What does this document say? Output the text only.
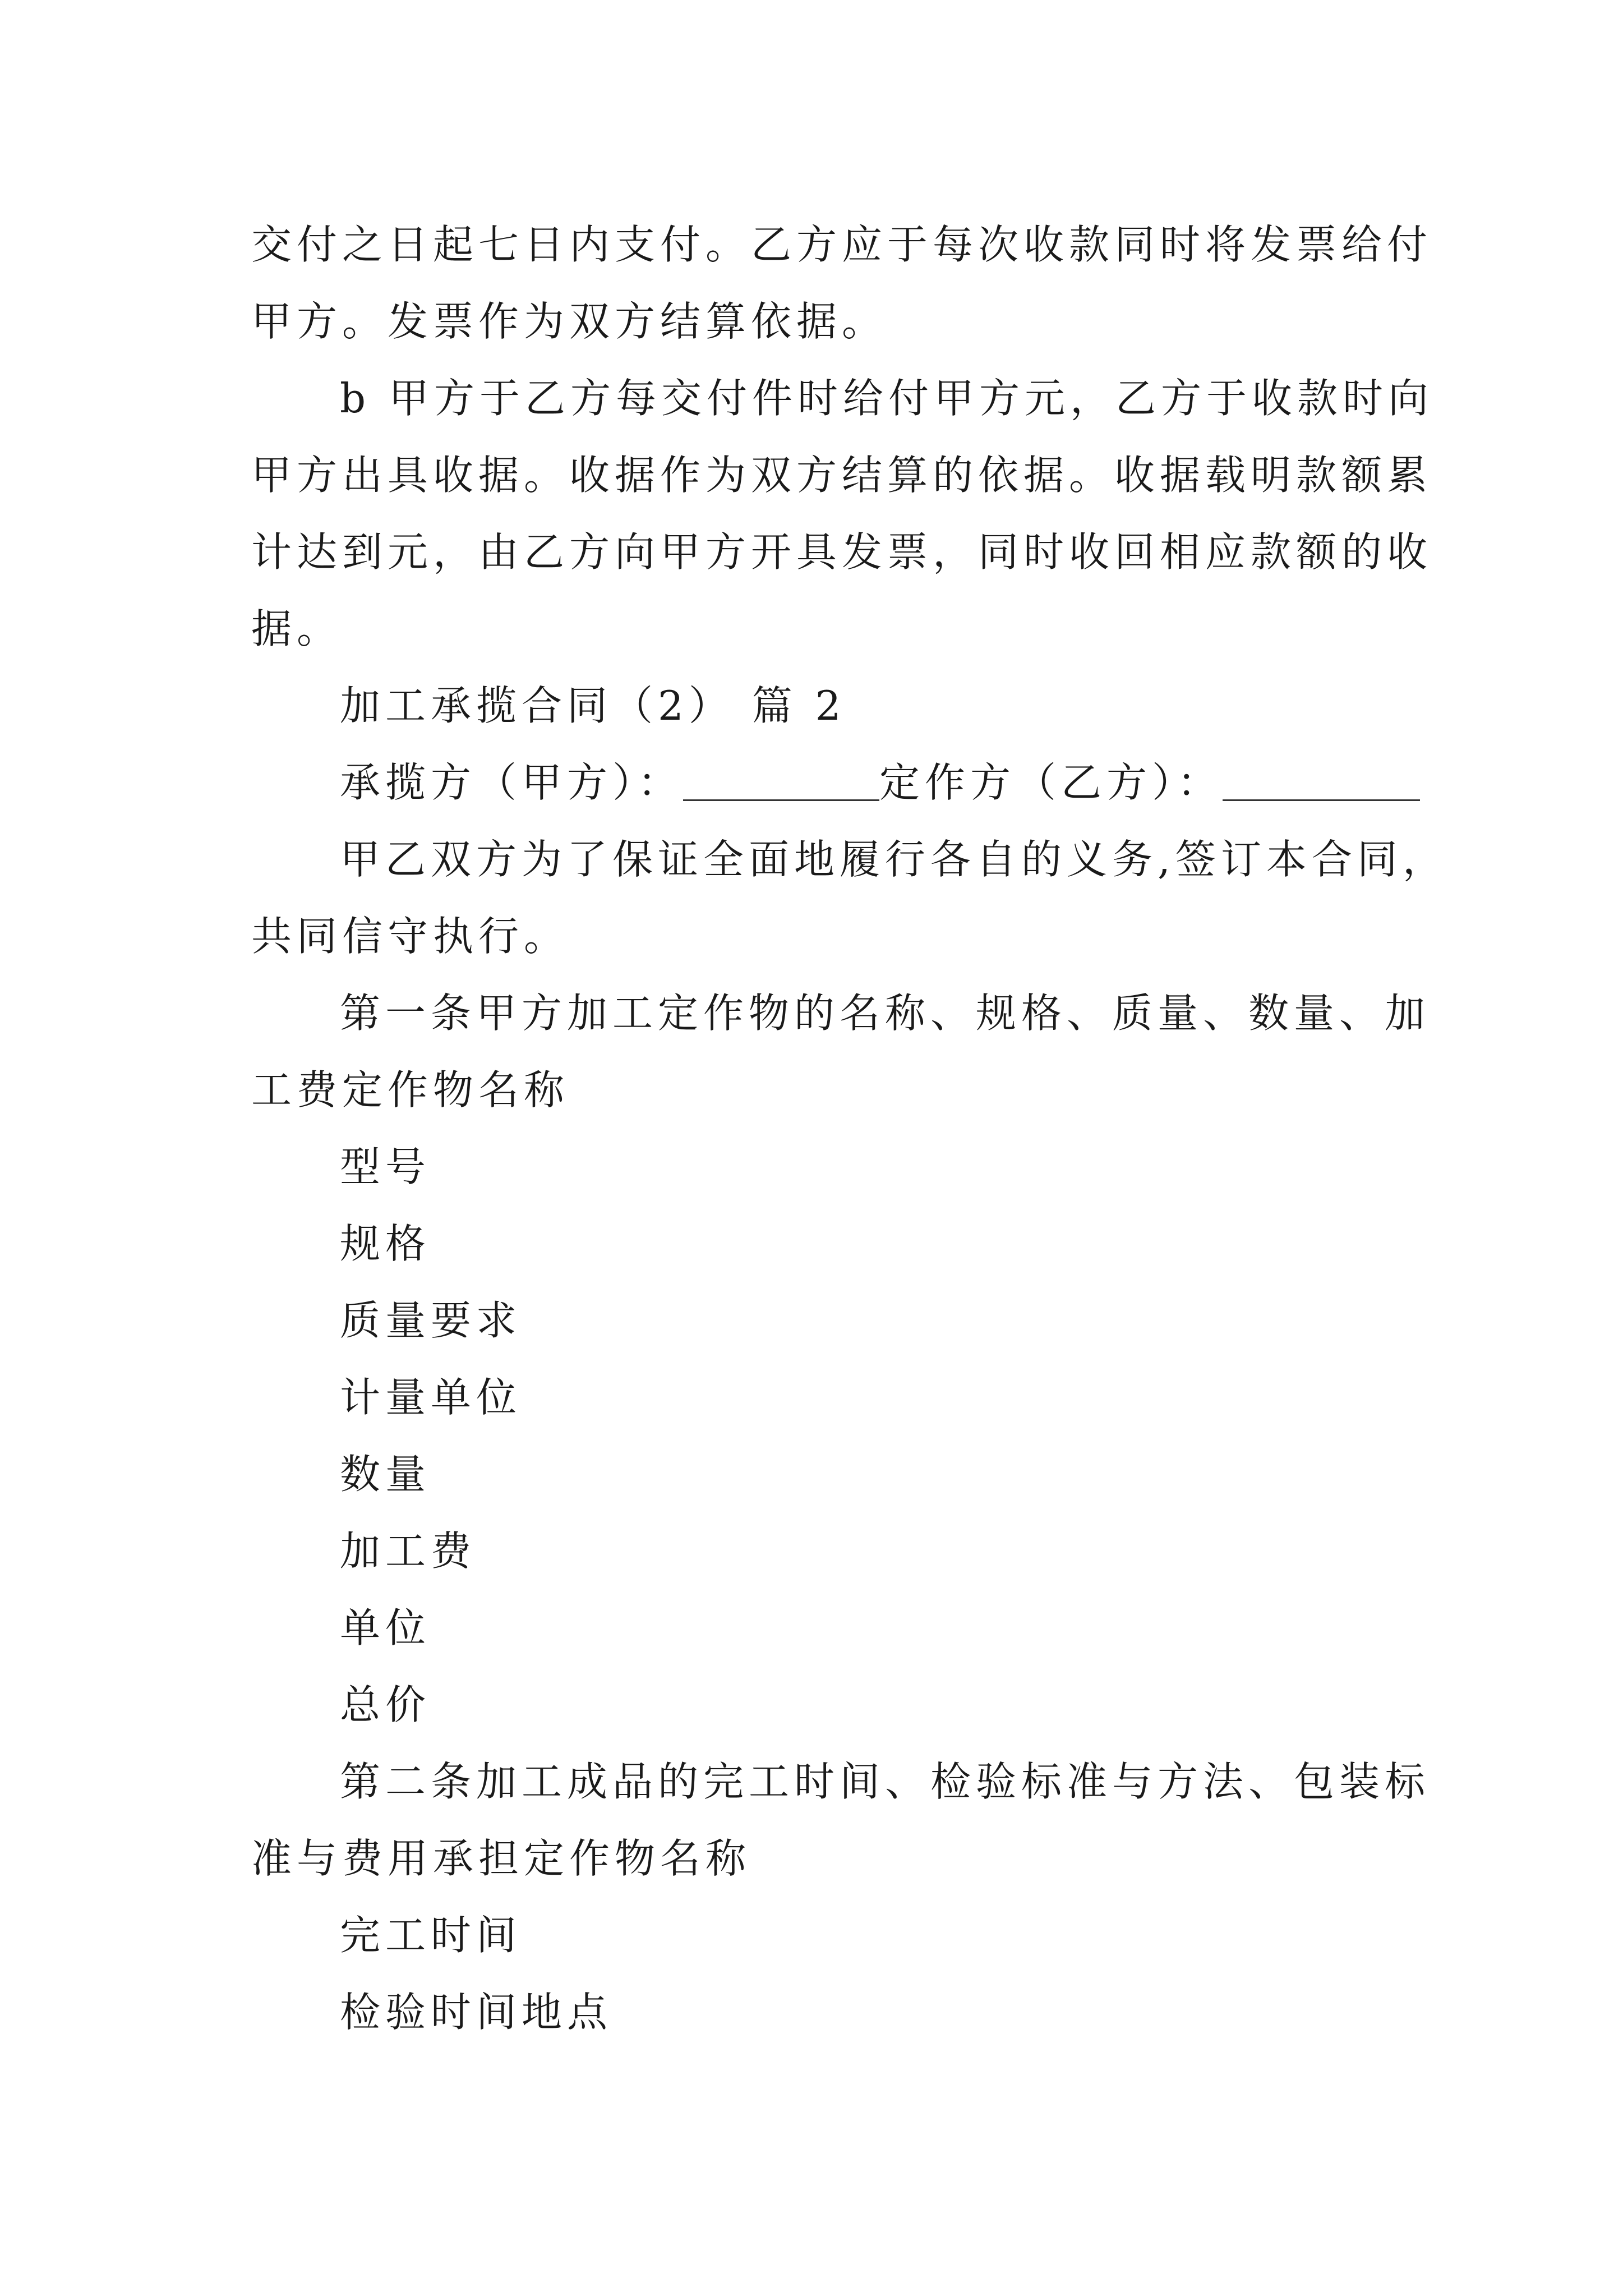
交付之日起七日内支付。乙方应于每次收款同时将发票给付
甲方。发票作为双方结算依据。
b 甲方于乙方每交付件时给付甲方元，乙方于收款时向
甲方出具收据。收据作为双方结算的依据。收据载明款额累
计达到元，由乙方向甲方开具发票，同时收回相应款额的收
据。
加工承揽合同（2） 篇 2
承揽方（甲方）：	定作方（乙方）：
甲乙双方为了保证全面地履行各自的义务,签订本合同，
共同信守执行。
第一条甲方加工定作物的名称、规格、质量、数量、加
工费定作物名称
型号
规格
质量要求
计量单位
数量
加工费
单位
总价
第二条加工成品的完工时间、检验标准与方法、包装标
准与费用承担定作物名称
完工时间
检验时间地点
